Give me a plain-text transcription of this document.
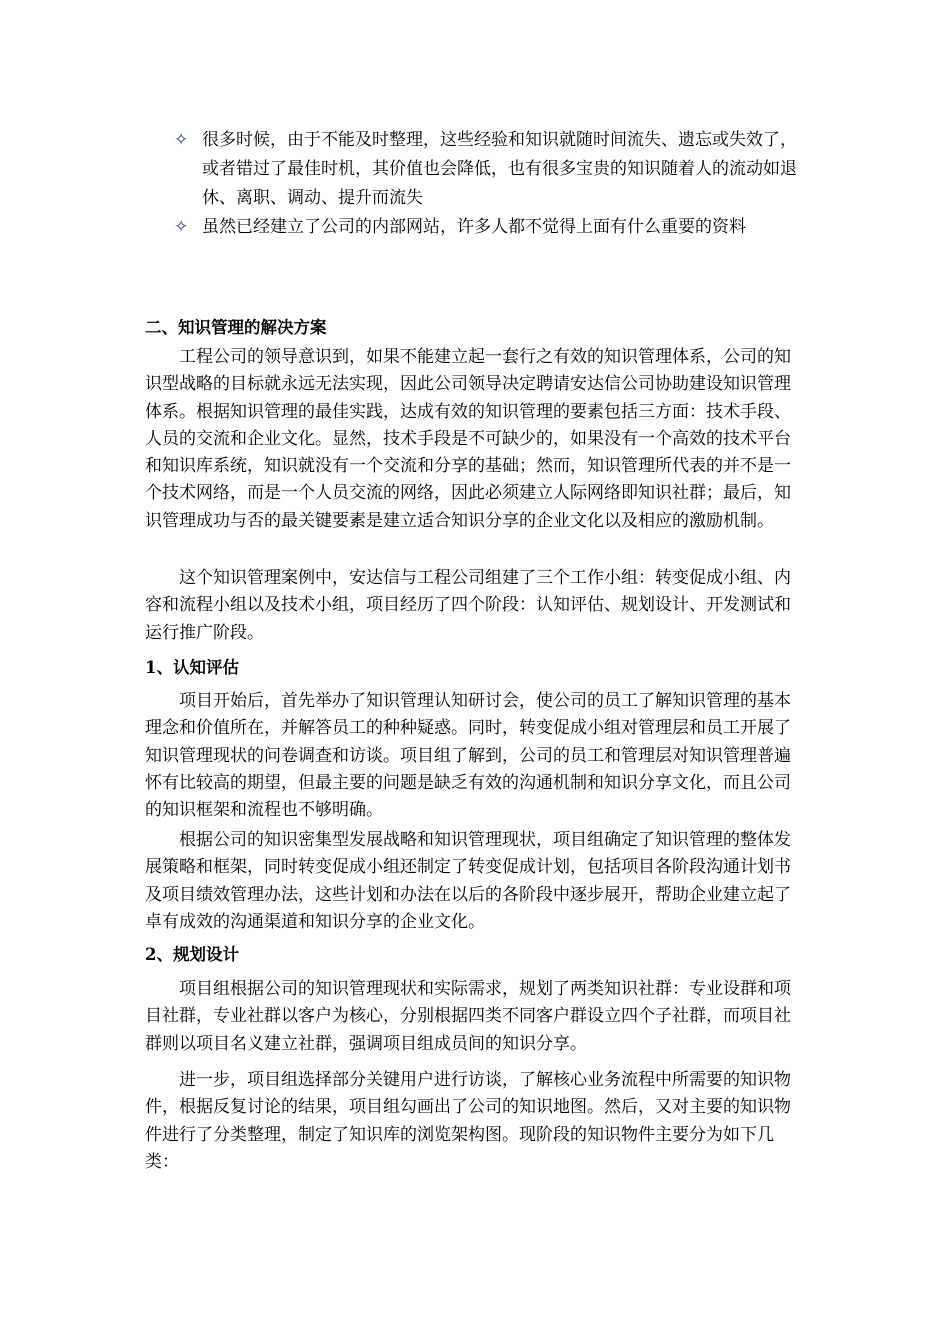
✧ 很多时候，由于不能及时整理，这些经验和知识就随时间流失、遗忘或失效了，或者错过了最佳时机，其价值也会降低，也有很多宝贵的知识随着人的流动如退休、离职、调动、提升而流失
✧ 虽然已经建立了公司的内部网站，许多人都不觉得上面有什么重要的资料
二、知识管理的解决方案
工程公司的领导意识到，如果不能建立起一套行之有效的知识管理体系，公司的知识型战略的目标就永远无法实现，因此公司领导决定聘请安达信公司协助建设知识管理体系。根据知识管理的最佳实践，达成有效的知识管理的要素包括三方面：技术手段、人员的交流和企业文化。显然，技术手段是不可缺少的，如果没有一个高效的技术平台和知识库系统，知识就没有一个交流和分享的基础；然而，知识管理所代表的并不是一个技术网络，而是一个人员交流的网络，因此必须建立人际网络即知识社群；最后，知识管理成功与否的最关键要素是建立适合知识分享的企业文化以及相应的激励机制。
这个知识管理案例中，安达信与工程公司组建了三个工作小组：转变促成小组、内容和流程小组以及技术小组，项目经历了四个阶段：认知评估、规划设计、开发测试和运行推广阶段。
1、认知评估
项目开始后，首先举办了知识管理认知研讨会，使公司的员工了解知识管理的基本理念和价值所在，并解答员工的种种疑惑。同时，转变促成小组对管理层和员工开展了知识管理现状的问卷调查和访谈。项目组了解到，公司的员工和管理层对知识管理普遍怀有比较高的期望，但最主要的问题是缺乏有效的沟通机制和知识分享文化，而且公司的知识框架和流程也不够明确。
根据公司的知识密集型发展战略和知识管理现状，项目组确定了知识管理的整体发展策略和框架，同时转变促成小组还制定了转变促成计划，包括项目各阶段沟通计划书及项目绩效管理办法，这些计划和办法在以后的各阶段中逐步展开，帮助企业建立起了卓有成效的沟通渠道和知识分享的企业文化。
2、规划设计
项目组根据公司的知识管理现状和实际需求，规划了两类知识社群：专业设群和项目社群，专业社群以客户为核心，分别根据四类不同客户群设立四个子社群，而项目社群则以项目名义建立社群，强调项目组成员间的知识分享。
进一步，项目组选择部分关键用户进行访谈，了解核心业务流程中所需要的知识物件，根据反复讨论的结果，项目组勾画出了公司的知识地图。然后，又对主要的知识物件进行了分类整理，制定了知识库的浏览架构图。现阶段的知识物件主要分为如下几类：
